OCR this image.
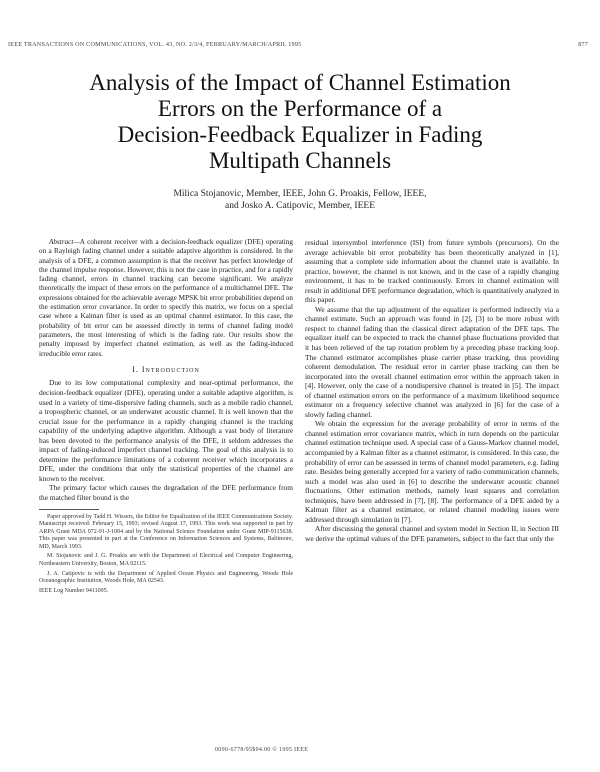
IEEE TRANSACTIONS ON COMMUNICATIONS, VOL. 43, NO. 2/3/4, FEBRUARY/MARCH/APRIL 1995	877
Analysis of the Impact of Channel Estimation
Errors on the Performance of a
Decision-Feedback Equalizer in Fading
Multipath Channels
Milica Stojanovic, Member, IEEE, John G. Proakis, Fellow, IEEE,
and Josko A. Catipovic, Member, IEEE

Abstract—A coherent receiver with a decision-feedback equalizer (DFE) operating on a Rayleigh fading channel under a suitable adaptive algorithm is considered. In the analysis of a DFE, a common assumption is that the receiver has perfect knowledge of the channel impulse response. However, this is not the case in practice, and for a rapidly fading channel, errors in channel tracking can become significant. We analyze theoretically the impact of these errors on the performance of a multichannel DFE. The expressions obtained for the achievable average MPSK bit error probabilities depend on the estimation error covariance. In order to specify this matrix, we focus on a special case where a Kalman filter is used as an optimal channel estimator. In this case, the probability of bit error can be assessed directly in terms of channel fading model parameters, the most interesting of which is the fading rate. Our results show the penalty imposed by imperfect channel estimation, as well as the fading-induced irreducible error rates.

I. Introduction

Due to its low computational complexity and near-optimal performance, the decision-feedback equalizer (DFE), operating under a suitable adaptive algorithm, is used in a variety of time-dispersive fading channels, such as a mobile radio channel, a tropospheric channel, or an underwater acoustic channel. It is well known that the crucial issue for the performance in a rapidly changing channel is the tracking capability of the underlying adaptive algorithm. Although a vast body of literature has been devoted to the performance analysis of the DFE, it seldom addresses the impact of fading-induced imperfect channel tracking. The goal of this analysis is to determine the performance limitations of a coherent receiver which incorporates a DFE, under the conditions that only the statistical properties of the channel are known to the receiver.

The primary factor which causes the degradation of the DFE performance from the matched filter bound is the

Paper approved by Tadd H. Wissers, the Editor for Equalization of the IEEE Communications Society. Manuscript received: February 15, 1993; revised August 17, 1993. This work was supported in part by ARPA Grant MDA 972-91-J-1004 and by the National Science Foundation under Grant MIP-9115638. This paper was presented in part at the Conference on Information Sciences and Systems, Baltimore, MD, March 1993.

M. Stojanovic and J. G. Proakis are with the Department of Electrical and Computer Engineering, Northeastern University, Boston, MA 02115.

J. A. Catipovic is with the Department of Applied Ocean Physics and Engineering, Woods Hole Oceanographic Institution, Woods Hole, MA 02543.

IEEE Log Number 9411095.

residual intersymbol interference (ISI) from future symbols (precursors). On the average achievable bit error probability has been theoretically analyzed in [1], assuming that a complete side information about the channel state is available. In practice, however, the channel is not known, and in the case of a rapidly changing environment, it has to be tracked continuously. Errors in channel estimation will result in additional DFE performance degradation, which is quantitatively analyzed in this paper.

We assume that the tap adjustment of the equalizer is performed indirectly via a channel estimate. Such an approach was found in [2], [3] to be more robust with respect to channel fading than the classical direct adaptation of the DFE taps. The equalizer itself can be expected to track the channel phase fluctuations provided that it has been relieved of the tap rotation problem by a preceding phase tracking loop. The channel estimator accomplishes phase carrier phase tracking, thus providing coherent demodulation. The residual error in carrier phase tracking can then be incorporated into the overall channel estimation error within the approach taken in [4]. However, only the case of a nondispersive channel is treated in [5]. The impact of channel estimation errors on the performance of a maximum likelihood sequence estimator on a frequency selective channel was analyzed in [6] for the case of a slowly fading channel.

We obtain the expression for the average probability of error in terms of the channel estimation error covariance matrix, which in turn depends on the particular channel estimation technique used. A special case of a Gauss-Markov channel model, accompanied by a Kalman filter as a channel estimator, is considered. In this case, the probability of error can be assessed in terms of channel model parameters, e.g. fading rate. Besides being generally accepted for a variety of radio communication channels, such a model was also used in [6] to describe the underwater acoustic channel fluctuations. Other estimation methods, namely least squares and correlation techniques, have been addressed in [7], [8]. The performance of a DFE aided by a Kalman filter as a channel estimator, or related channel modeling issues were addressed through simulation in [7].

After discussing the general channel and system model in Section II, in Section III we derive the optimal values of the DFE parameters, subject to the fact that only the

0090-6778/95$04.00 © 1995 IEEE
